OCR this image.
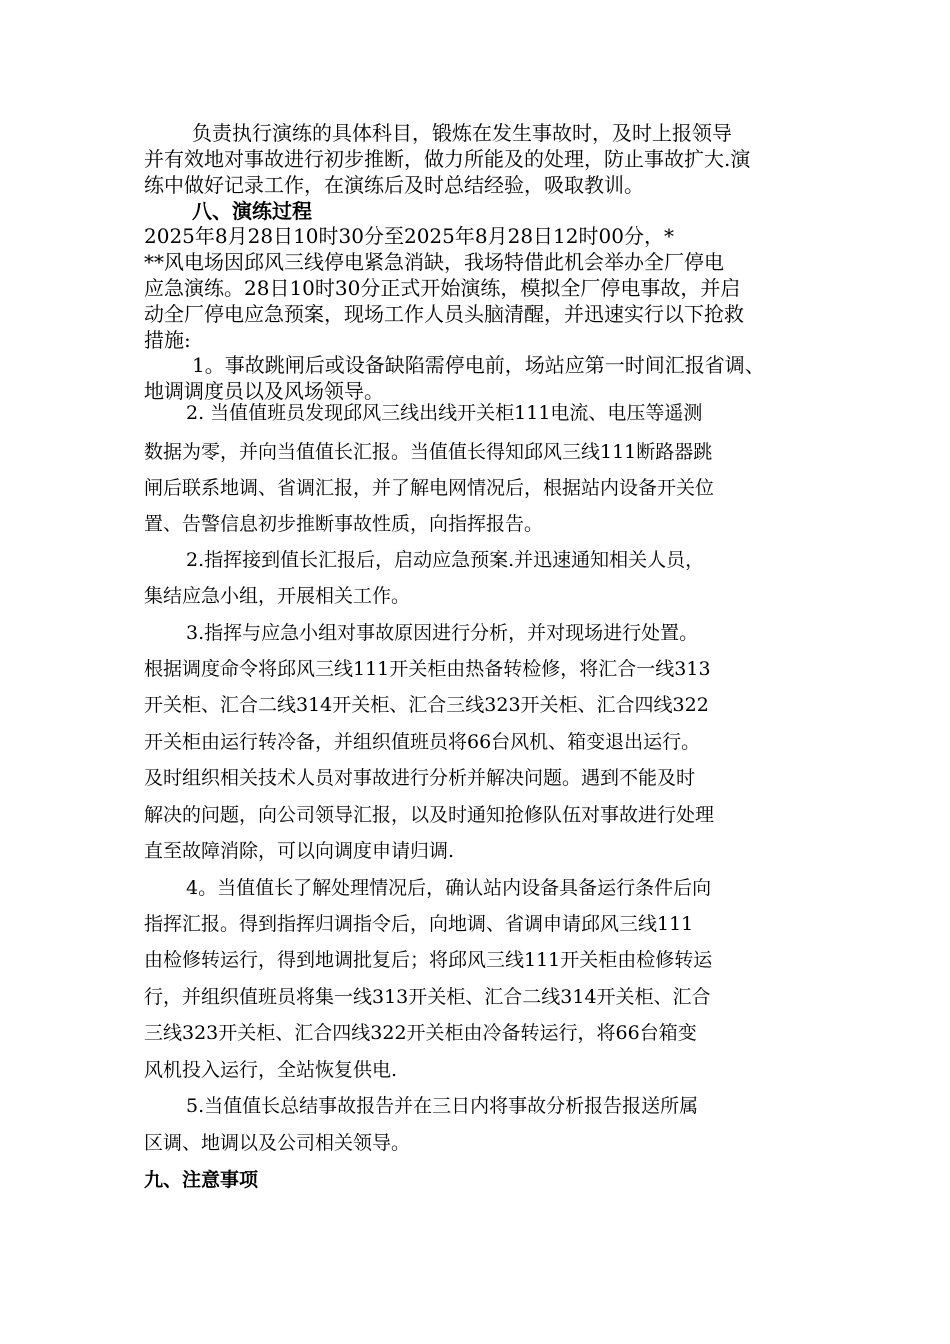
负责执行演练的具体科目，锻炼在发生事故时，及时上报领导

并有效地对事故进行初步推断，做力所能及的处理，防止事故扩大.演

练中做好记录工作，在演练后及时总结经验，吸取教训。

八、演练过程

2025年8月28日10时30分至2025年8月28日12时00分，*

**风电场因邱风三线停电紧急消缺，我场特借此机会举办全厂停电

应急演练。28日10时30分正式开始演练，模拟全厂停电事故，并启

动全厂停电应急预案，现场工作人员头脑清醒，并迅速实行以下抢救

措施:

1。事故跳闸后或设备缺陷需停电前，场站应第一时间汇报省调、

地调调度员以及风场领导。

2. 当值值班员发现邱风三线出线开关柜111电流、电压等遥测

数据为零，并向当值值长汇报。当值值长得知邱风三线111断路器跳

闸后联系地调、省调汇报，并了解电网情况后，根据站内设备开关位

置、告警信息初步推断事故性质，向指挥报告。

2.指挥接到值长汇报后，启动应急预案.并迅速通知相关人员，

集结应急小组，开展相关工作。

3.指挥与应急小组对事故原因进行分析，并对现场进行处置。

根据调度命令将邱风三线111开关柜由热备转检修，将汇合一线313

开关柜、汇合二线314开关柜、汇合三线323开关柜、汇合四线322

开关柜由运行转冷备，并组织值班员将66台风机、箱变退出运行。

及时组织相关技术人员对事故进行分析并解决问题。遇到不能及时

解决的问题，向公司领导汇报，以及时通知抢修队伍对事故进行处理

直至故障消除，可以向调度申请归调.

4。当值值长了解处理情况后，确认站内设备具备运行条件后向

指挥汇报。得到指挥归调指令后，向地调、省调申请邱风三线111

由检修转运行，得到地调批复后；将邱风三线111开关柜由检修转运

行，并组织值班员将集一线313开关柜、汇合二线314开关柜、汇合

三线323开关柜、汇合四线322开关柜由冷备转运行，将66台箱变

风机投入运行，全站恢复供电.

5.当值值长总结事故报告并在三日内将事故分析报告报送所属

区调、地调以及公司相关领导。

九、注意事项
